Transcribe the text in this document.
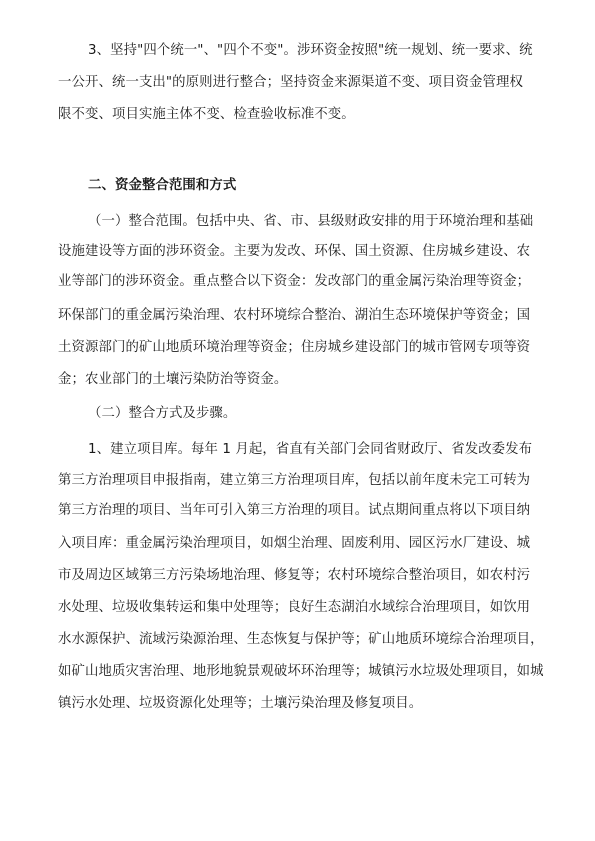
3、坚持"四个统一"、"四个不变"。涉环资金按照"统一规划、统一要求、统
一公开、统一支出"的原则进行整合；坚持资金来源渠道不变、项目资金管理权
限不变、项目实施主体不变、检查验收标准不变。
二、资金整合范围和方式
（一）整合范围。包括中央、省、市、县级财政安排的用于环境治理和基础
设施建设等方面的涉环资金。主要为发改、环保、国土资源、住房城乡建设、农
业等部门的涉环资金。重点整合以下资金：发改部门的重金属污染治理等资金；
环保部门的重金属污染治理、农村环境综合整治、湖泊生态环境保护等资金；国
土资源部门的矿山地质环境治理等资金；住房城乡建设部门的城市管网专项等资
金；农业部门的土壤污染防治等资金。
（二）整合方式及步骤。
1、建立项目库。每年 1 月起，省直有关部门会同省财政厅、省发改委发布
第三方治理项目申报指南，建立第三方治理项目库，包括以前年度未完工可转为
第三方治理的项目、当年可引入第三方治理的项目。试点期间重点将以下项目纳
入项目库：重金属污染治理项目，如烟尘治理、固废利用、园区污水厂建设、城
市及周边区域第三方污染场地治理、修复等；农村环境综合整治项目，如农村污
水处理、垃圾收集转运和集中处理等；良好生态湖泊水域综合治理项目，如饮用
水水源保护、流域污染源治理、生态恢复与保护等；矿山地质环境综合治理项目，
如矿山地质灾害治理、地形地貌景观破坏环治理等；城镇污水垃圾处理项目，如城
镇污水处理、垃圾资源化处理等；土壤污染治理及修复项目。
